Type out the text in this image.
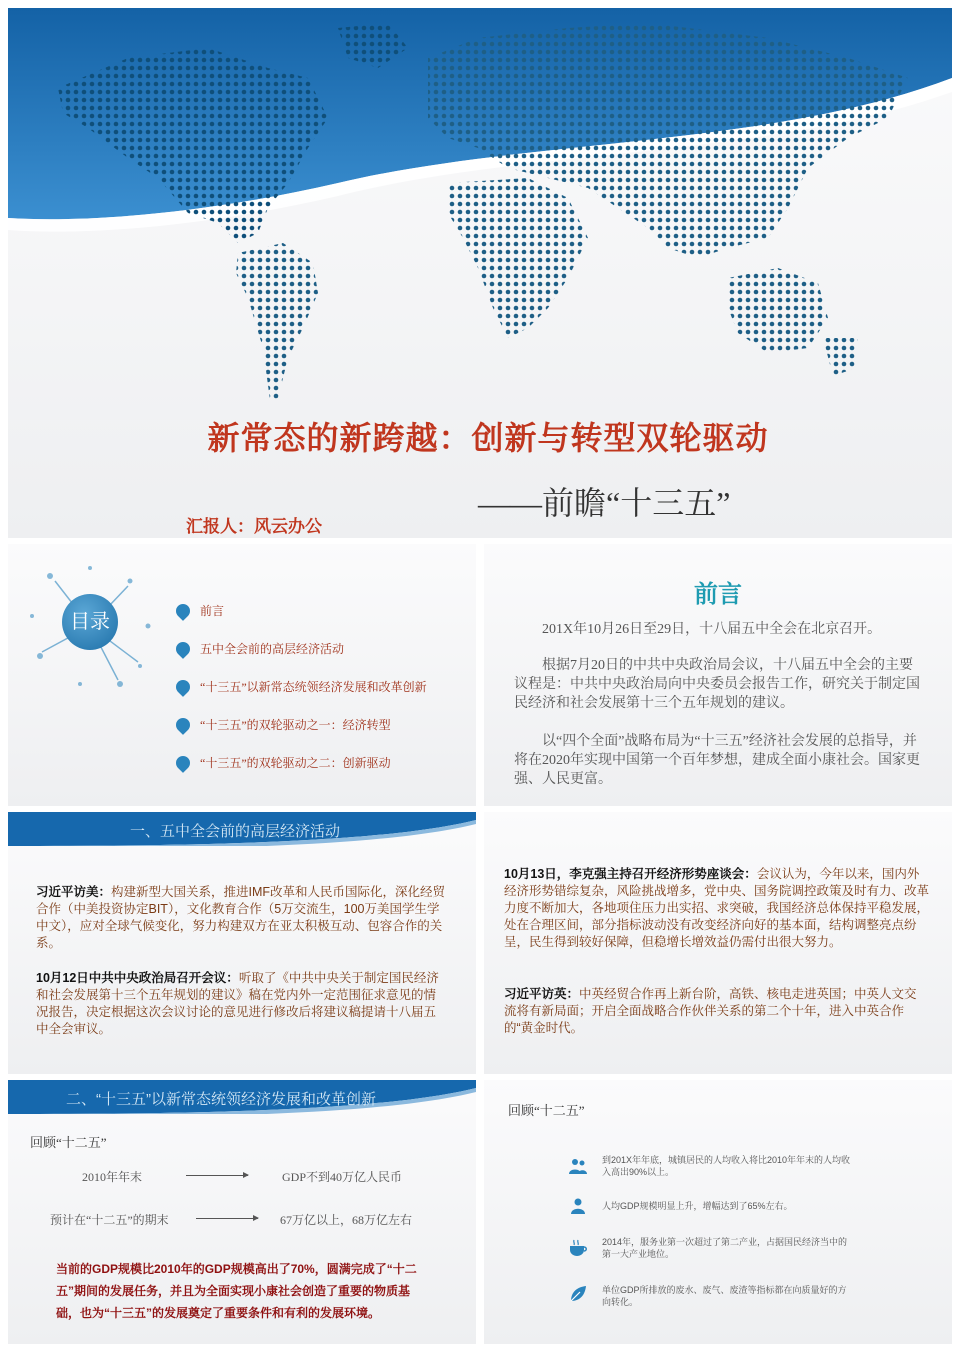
新常态的新跨越：创新与转型双轮驱动
——前瞻“十三五”
汇报人：风云办公
目录	前言
五中全会前的高层经济活动
“十三五”以新常态统领经济发展和改革创新
“十三五”的双轮驱动之一：经济转型
“十三五”的双轮驱动之二：创新驱动
前言

201X年10月26日至29日，十八届五中全会在北京召开。

根据7月20日的中共中央政治局会议，十八届五中全会的主要议程是：中共中央政治局向中央委员会报告工作，研究关于制定国民经济和社会发展第十三个五年规划的建议。

以“四个全面”战略布局为“十三五”经济社会发展的总指导，并将在2020年实现中国第一个百年梦想，建成全面小康社会。国家更强、人民更富。

一、五中全会前的高层经济活动
习近平访美：构建新型大国关系，推进IMF改革和人民币国际化，深化经贸合作（中美投资协定BIT），文化教育合作（5万交流生，100万美国学生学中文），应对全球气候变化，努力构建双方在亚太积极互动、包容合作的关系。
10月12日中共中央政治局召开会议：听取了《中共中央关于制定国民经济和社会发展第十三个五年规划的建议》稿在党内外一定范围征求意见的情况报告，决定根据这次会议讨论的意见进行修改后将建议稿提请十八届五中全会审议。
10月13日，李克强主持召开经济形势座谈会：会议认为，今年以来，国内外经济形势错综复杂，风险挑战增多，党中央、国务院调控政策及时有力、改革力度不断加大，各地项住压力出实招、求突破，我国经济总体保持平稳发展，处在合理区间，部分指标波动没有改变经济向好的基本面，结构调整亮点纷呈，民生得到较好保障，但稳增长增效益仍需付出很大努力。
习近平访英：中英经贸合作再上新台阶，高铁、核电走进英国；中英人文交流将有新局面；开启全面战略合作伙伴关系的第二个十年，进入中英合作的“黄金时代。
二、“十三五”以新常态统领经济发展和改革创新
回顾“十二五”
2010年年末	GDP不到40万亿人民币
预计在“十二五”的期末	67万亿以上，68万亿左右
当前的GDP规模比2010年的GDP规模高出了70%，圆满完成了“十二五”期间的发展任务，并且为全面实现小康社会创造了重要的物质基础，也为“十三五”的发展奠定了重要条件和有利的发展环境。
回顾“十二五”
到201X年年底，城镇居民的人均收入将比2010年年末的人均收入高出90%以上。
人均GDP规模明显上升，增幅达到了65%左右。
2014年，服务业第一次超过了第二产业，占据国民经济当中的第一大产业地位。
单位GDP所排放的废水、废气、废渣等指标都在向质量好的方向转化。
